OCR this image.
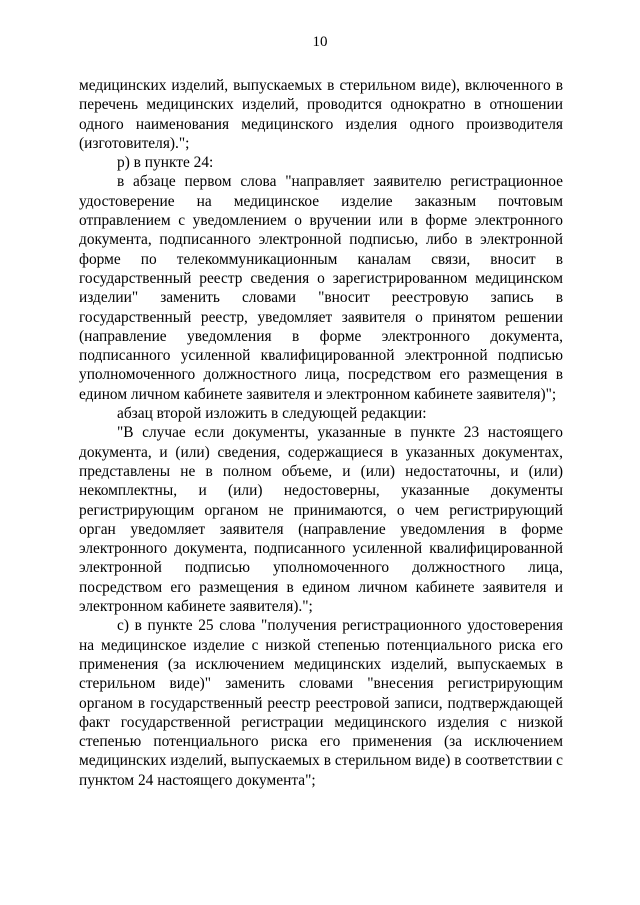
10

медицинских изделий, выпускаемых в стерильном виде), включенного в перечень медицинских изделий, проводится однократно в отношении одного наименования медицинского изделия одного производителя (изготовителя).";

р) в пункте 24:

в абзаце первом слова "направляет заявителю регистрационное удостоверение на медицинское изделие заказным почтовым отправлением с уведомлением о вручении или в форме электронного документа, подписанного электронной подписью, либо в электронной форме по телекоммуникационным каналам связи, вносит в государственный реестр сведения о зарегистрированном медицинском изделии" заменить словами "вносит реестровую запись в государственный реестр, уведомляет заявителя о принятом решении (направление уведомления в форме электронного документа, подписанного усиленной квалифицированной электронной подписью уполномоченного должностного лица, посредством его размещения в едином личном кабинете заявителя и электронном кабинете заявителя)";

абзац второй изложить в следующей редакции:

"В случае если документы, указанные в пункте 23 настоящего документа, и (или) сведения, содержащиеся в указанных документах, представлены не в полном объеме, и (или) недостаточны, и (или) некомплектны, и (или) недостоверны, указанные документы регистрирующим органом не принимаются, о чем регистрирующий орган уведомляет заявителя (направление уведомления в форме электронного документа, подписанного усиленной квалифицированной электронной подписью уполномоченного должностного лица, посредством его размещения в едином личном кабинете заявителя и электронном кабинете заявителя).";

с) в пункте 25 слова "получения регистрационного удостоверения на медицинское изделие с низкой степенью потенциального риска его применения (за исключением медицинских изделий, выпускаемых в стерильном виде)" заменить словами "внесения регистрирующим органом в государственный реестр реестровой записи, подтверждающей факт государственной регистрации медицинского изделия с низкой степенью потенциального риска его применения (за исключением медицинских изделий, выпускаемых в стерильном виде) в соответствии с пунктом 24 настоящего документа";
